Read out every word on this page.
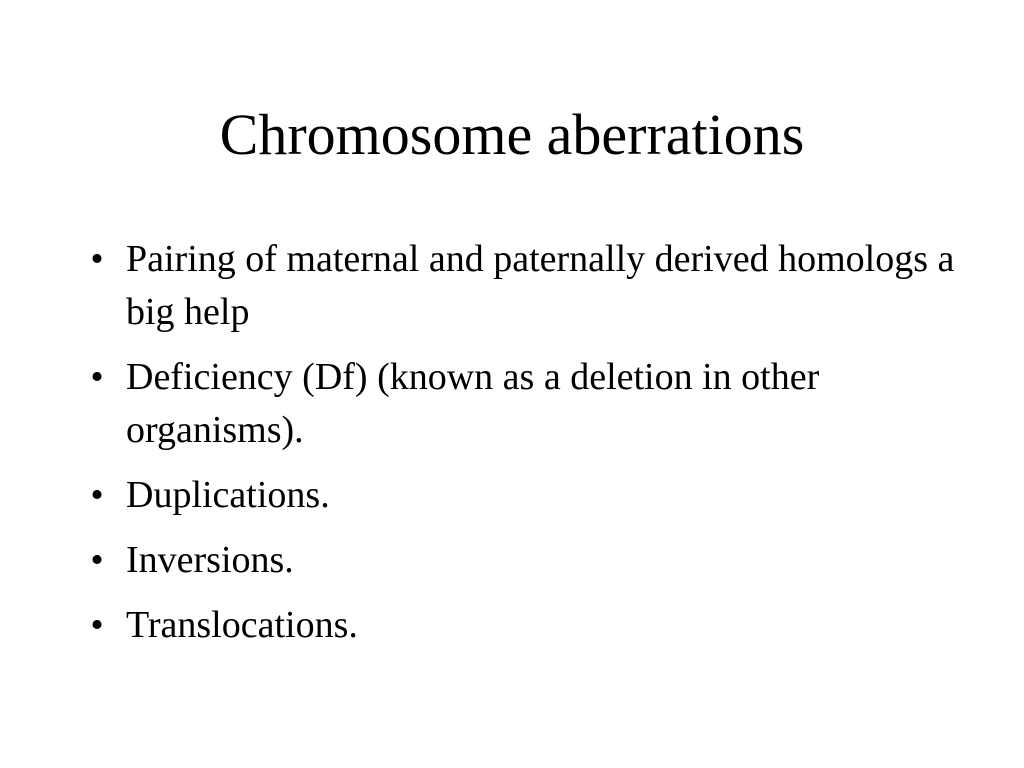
Chromosome aberrations
• Pairing of maternal and paternally derived homologs a big help
• Deficiency (Df) (known as a deletion in other organisms).
• Duplications.
• Inversions.
• Translocations.
